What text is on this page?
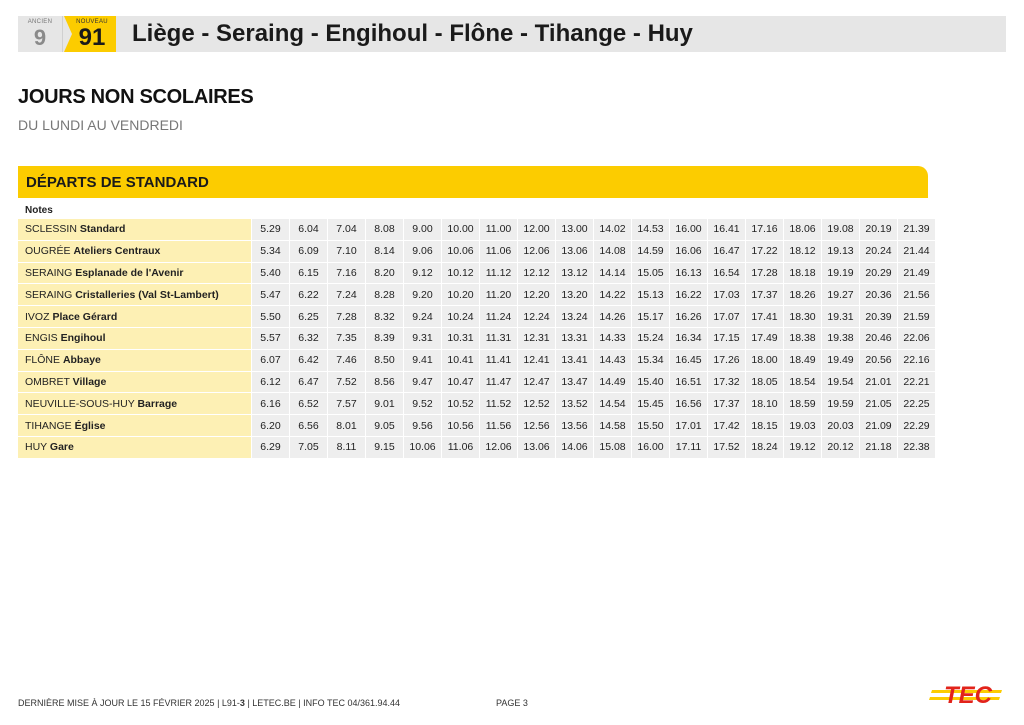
ANCIEN
9
NOUVEAU
91	Liège - Seraing - Engihoul - Flône - Tihange - Huy
JOURS NON SCOLAIRES
DU LUNDI AU VENDREDI
DÉPARTS DE STANDARD
Notes
SCLESSIN Standard	5.29	6.04	7.04	8.08	9.00	10.00	11.00	12.00	13.00	14.02	14.53	16.00	16.41	17.16	18.06	19.08	20.19	21.39
OUGRÉE Ateliers Centraux	5.34	6.09	7.10	8.14	9.06	10.06	11.06	12.06	13.06	14.08	14.59	16.06	16.47	17.22	18.12	19.13	20.24	21.44
SERAING Esplanade de l'Avenir	5.40	6.15	7.16	8.20	9.12	10.12	11.12	12.12	13.12	14.14	15.05	16.13	16.54	17.28	18.18	19.19	20.29	21.49
SERAING Cristalleries (Val St-Lambert)	5.47	6.22	7.24	8.28	9.20	10.20	11.20	12.20	13.20	14.22	15.13	16.22	17.03	17.37	18.26	19.27	20.36	21.56
IVOZ Place Gérard	5.50	6.25	7.28	8.32	9.24	10.24	11.24	12.24	13.24	14.26	15.17	16.26	17.07	17.41	18.30	19.31	20.39	21.59
ENGIS Engihoul	5.57	6.32	7.35	8.39	9.31	10.31	11.31	12.31	13.31	14.33	15.24	16.34	17.15	17.49	18.38	19.38	20.46	22.06
FLÔNE Abbaye	6.07	6.42	7.46	8.50	9.41	10.41	11.41	12.41	13.41	14.43	15.34	16.45	17.26	18.00	18.49	19.49	20.56	22.16
OMBRET Village	6.12	6.47	7.52	8.56	9.47	10.47	11.47	12.47	13.47	14.49	15.40	16.51	17.32	18.05	18.54	19.54	21.01	22.21
NEUVILLE-SOUS-HUY Barrage	6.16	6.52	7.57	9.01	9.52	10.52	11.52	12.52	13.52	14.54	15.45	16.56	17.37	18.10	18.59	19.59	21.05	22.25
TIHANGE Église	6.20	6.56	8.01	9.05	9.56	10.56	11.56	12.56	13.56	14.58	15.50	17.01	17.42	18.15	19.03	20.03	21.09	22.29
HUY Gare	6.29	7.05	8.11	9.15	10.06	11.06	12.06	13.06	14.06	15.08	16.00	17.11	17.52	18.24	19.12	20.12	21.18	22.38
DERNIÈRE MISE À JOUR LE 15 FÉVRIER 2025 | L91-3 | LETEC.BE | INFO TEC 04/361.94.44	PAGE 3	TEC
